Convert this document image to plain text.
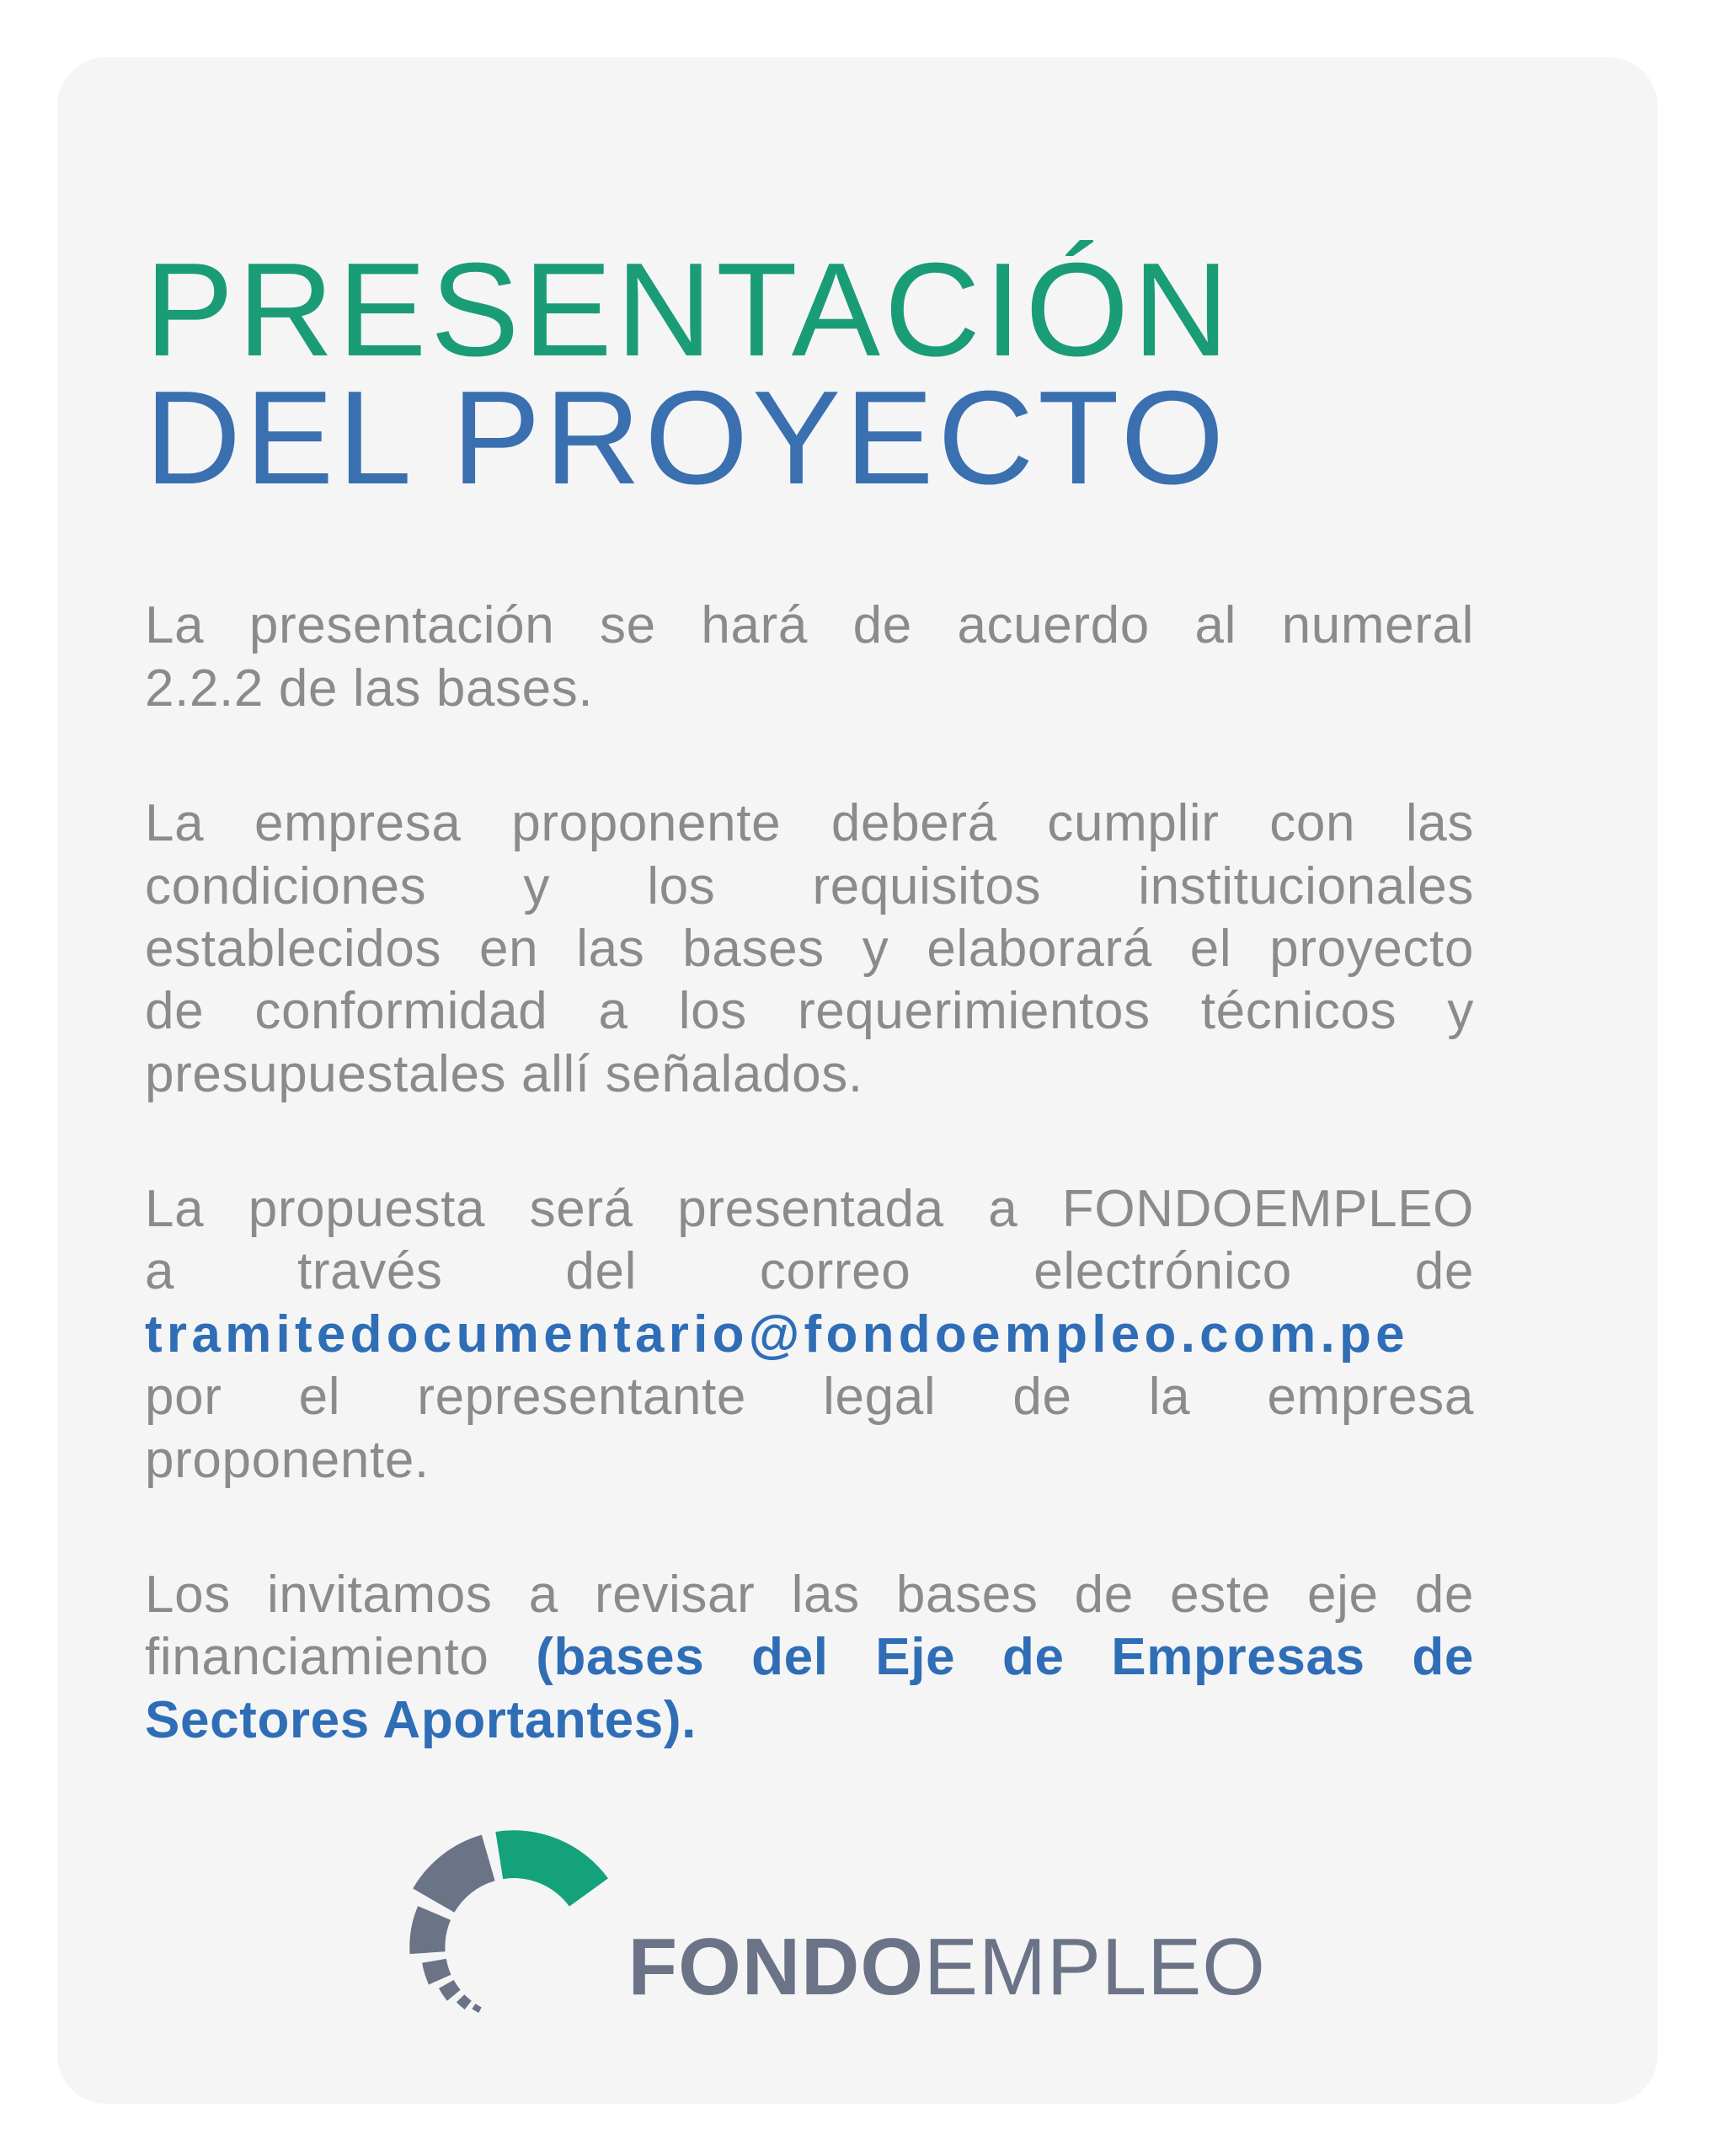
PRESENTACIÓN
DEL PROYECTO
La presentación se hará de acuerdo al numeral
2.2.2 de las bases.
La empresa proponente deberá cumplir con las
condiciones y los requisitos institucionales
establecidos en las bases y elaborará el proyecto
de conformidad a los requerimientos técnicos y
presupuestales allí señalados.
La propuesta será presentada a FONDOEMPLEO
a través del correo electrónico de
tramitedocumentario@fondoempleo.com.pe
por el representante legal de la empresa
proponente.
Los invitamos a revisar las bases de este eje de
financiamiento (bases del Eje de Empresas de
Sectores Aportantes).
FONDOEMPLEO
